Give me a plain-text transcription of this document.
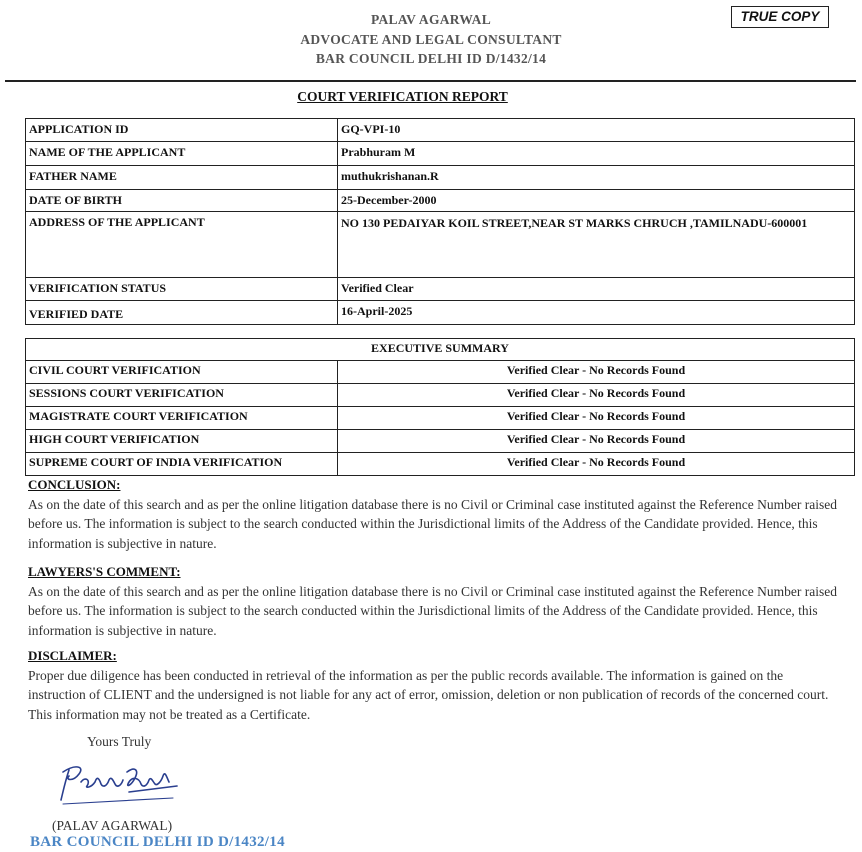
PALAV AGARWAL
ADVOCATE AND LEGAL CONSULTANT
BAR COUNCIL DELHI ID D/1432/14
TRUE COPY
COURT VERIFICATION REPORT
APPLICATION ID	GQ-VPI-10
NAME OF THE APPLICANT	Prabhuram M
FATHER NAME	muthukrishanan.R
DATE OF BIRTH	25-December-2000
ADDRESS OF THE APPLICANT	NO 130 PEDAIYAR KOIL STREET,NEAR ST MARKS CHRUCH ,TAMILNADU-600001
VERIFICATION STATUS	Verified Clear
VERIFIED DATE	16-April-2025
EXECUTIVE SUMMARY	
CIVIL COURT VERIFICATION	Verified Clear - No Records Found
SESSIONS COURT VERIFICATION	Verified Clear - No Records Found
MAGISTRATE COURT VERIFICATION	Verified Clear - No Records Found
HIGH COURT VERIFICATION	Verified Clear - No Records Found
SUPREME COURT OF INDIA VERIFICATION	Verified Clear - No Records Found
CONCLUSION:
As on the date of this search and as per the online litigation database there is no Civil or Criminal case instituted against the Reference Number raised before us. The information is subject to the search conducted within the Jurisdictional limits of the Address of the Candidate provided. Hence, this information is subjective in nature.
LAWYERS'S COMMENT:
As on the date of this search and as per the online litigation database there is no Civil or Criminal case instituted against the Reference Number raised before us. The information is subject to the search conducted within the Jurisdictional limits of the Address of the Candidate provided. Hence, this information is subjective in nature.
DISCLAIMER:
Proper due diligence has been conducted in retrieval of the information as per the public records available. The information is gained on the instruction of CLIENT and the undersigned is not liable for any act of error, omission, deletion or non publication of records of the concerned court. This information may not be treated as a Certificate.
Yours Truly
(PALAV AGARWAL)
BAR COUNCIL DELHI ID D/1432/14
